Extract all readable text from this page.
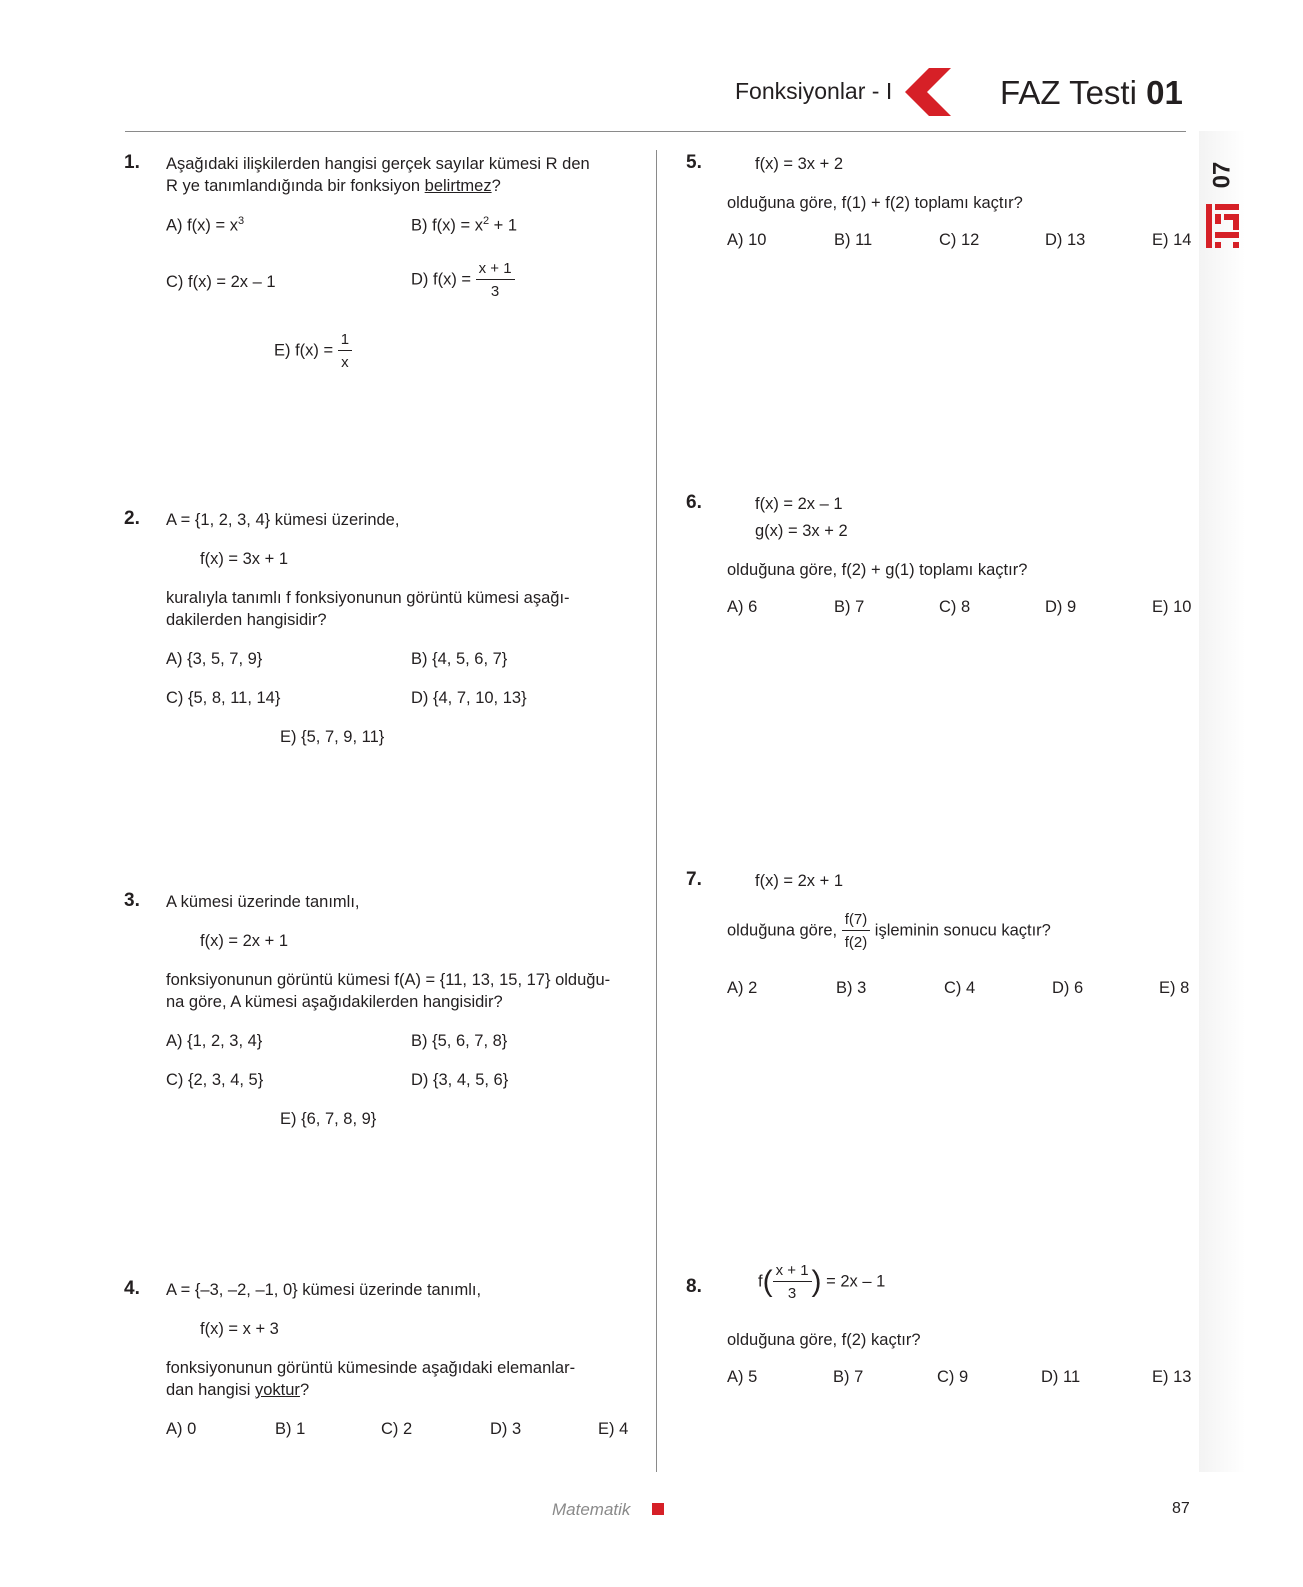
Fonksiyonlar - I	FAZ Testi 01
07
1. Aşağıdaki ilişkilerden hangisi gerçek sayılar kümesi R den
R ye tanımlandığında bir fonksiyon belirtmez?
A) $f(x) = x^3$	B) $f(x) = x^2 + 1$
C) f(x) = 2x – 1	D) $f(x) = \frac{x + 1}{3}$
E) $f(x) = \frac{1}{x}$
2. A = {1, 2, 3, 4} kümesi üzerinde,
f(x) = 3x + 1
kuralıyla tanımlı f fonksiyonunun görüntü kümesi aşağı-
dakilerden hangisidir?
A) {3, 5, 7, 9}	B) {4, 5, 6, 7}
C) {5, 8, 11, 14}	D) {4, 7, 10, 13}
E) {5, 7, 9, 11}
3. A kümesi üzerinde tanımlı,
f(x) = 2x + 1
fonksiyonunun görüntü kümesi f(A) = {11, 13, 15, 17} olduğu-
na göre, A kümesi aşağıdakilerden hangisidir?
A) {1, 2, 3, 4}	B) {5, 6, 7, 8}
C) {2, 3, 4, 5}	D) {3, 4, 5, 6}
E) {6, 7, 8, 9}
4. A = {–3, –2, –1, 0} kümesi üzerinde tanımlı,
f(x) = x + 3
fonksiyonunun görüntü kümesinde aşağıdaki elemanlar-
dan hangisi yoktur?
A) 0	B) 1	C) 2	D) 3	E) 4
5.	f(x) = 3x + 2
olduğuna göre, f(1) + f(2) toplamı kaçtır?
A) 10	B) 11	C) 12	D) 13	E) 14
6.	f(x) = 2x – 1
g(x) = 3x + 2
olduğuna göre, f(2) + g(1) toplamı kaçtır?
A) 6	B) 7	C) 8	D) 9	E) 10
7.	f(x) = 2x + 1
olduğuna göre, $\frac{f(7)}{f(2)}$ işleminin sonucu kaçtır?
A) 2	B) 3	C) 4	D) 6	E) 8
8.	$f( \frac{x + 1}{3}$ ) = 2x – 1
olduğuna göre, f(2) kaçtır?
A) 5	B) 7	C) 9	D) 11	E) 13
Matematik	87
